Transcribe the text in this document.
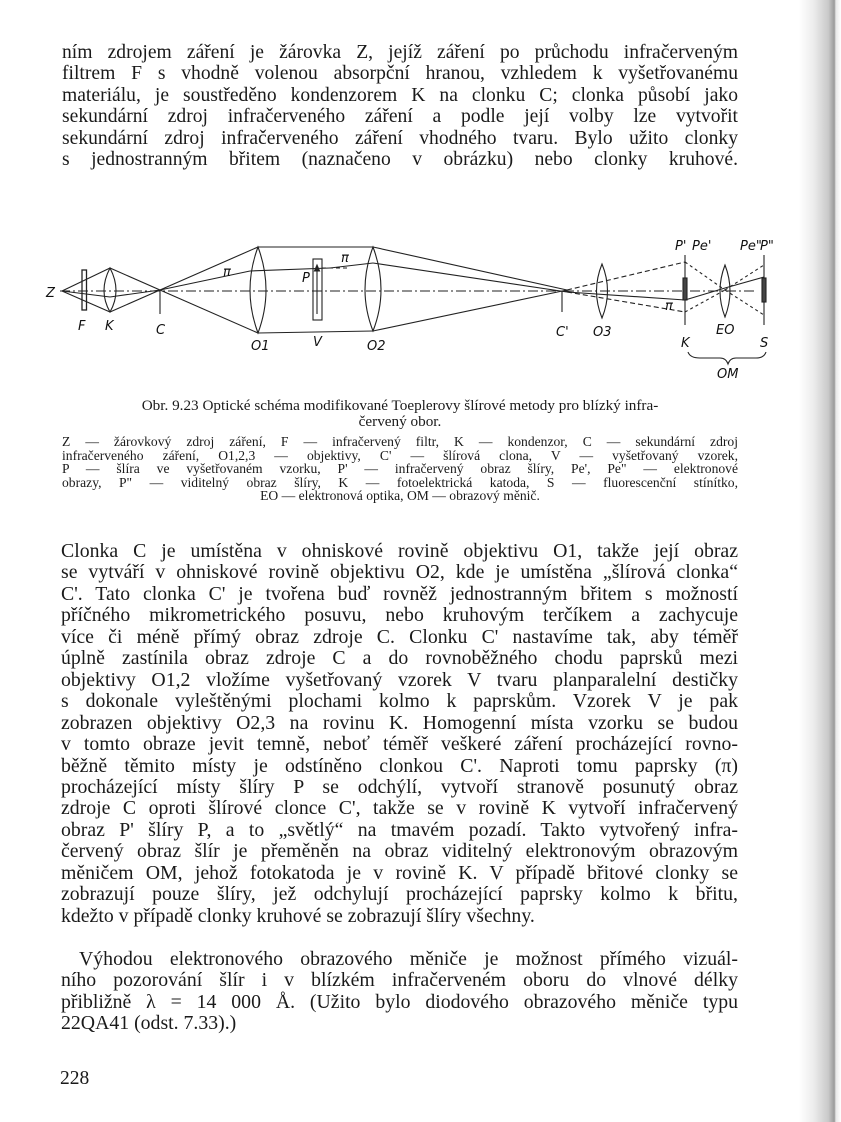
ním zdrojem záření je žárovka Z, jejíž záření po průchodu infračerveným
filtrem F s vhodně volenou absorpční hranou, vzhledem k vyšetřovanému
materiálu, je soustředěno kondenzorem K na clonku C; clonka působí jako
sekundární zdroj infračerveného záření a podle její volby lze vytvořit
sekundární zdroj infračerveného záření vhodného tvaru. Bylo užito clonky
s jednostranným břitem (naznačeno v obrázku) nebo clonky kruhové.
Z
F K	C
O1	V	O2
P
π
π
π
C' O3
P' Pe' Pe"
P"
K
EO
S
OM
Obr. 9.23 Optické schéma modifikované Toeplerovy šlírové metody pro blízký infra-
červený obor.
Z — žárovkový zdroj záření, F — infračervený filtr, K — kondenzor, C — sekundární zdroj
infračerveného záření, O1,2,3 — objektivy, C' — šlírová clona, V — vyšetřovaný vzorek,
P — šlíra ve vyšetřovaném vzorku, P' — infračervený obraz šlíry, Pe', Pe" — elektronové
obrazy, P" — viditelný obraz šlíry, K — fotoelektrická katoda, S — fluorescenční stínítko,
EO — elektronová optika, OM — obrazový měnič.
Clonka C je umístěna v ohniskové rovině objektivu O1, takže její obraz
se vytváří v ohniskové rovině objektivu O2, kde je umístěna „šlírová clonka“
C'. Tato clonka C' je tvořena buď rovněž jednostranným břitem s možností
příčného mikrometrického posuvu, nebo kruhovým terčíkem a zachycuje
více či méně přímý obraz zdroje C. Clonku C' nastavíme tak, aby téměř
úplně zastínila obraz zdroje C a do rovnoběžného chodu paprsků mezi
objektivy O1,2 vložíme vyšetřovaný vzorek V tvaru planparalelní destičky
s dokonale vyleštěnými plochami kolmo k paprskům. Vzorek V je pak
zobrazen objektivy O2,3 na rovinu K. Homogenní místa vzorku se budou
v tomto obraze jevit temně, neboť téměř veškeré záření procházející rovno-
běžně těmito místy je odstíněno clonkou C'. Naproti tomu paprsky (π)
procházející místy šlíry P se odchýlí, vytvoří stranově posunutý obraz
zdroje C oproti šlírové clonce C', takže se v rovině K vytvoří infračervený
obraz P' šlíry P, a to „světlý“ na tmavém pozadí. Takto vytvořený infra-
červený obraz šlír je přeměněn na obraz viditelný elektronovým obrazovým
měničem OM, jehož fotokatoda je v rovině K. V případě břitové clonky se
zobrazují pouze šlíry, jež odchylují procházející paprsky kolmo k břitu,
kdežto v případě clonky kruhové se zobrazují šlíry všechny.
Výhodou elektronového obrazového měniče je možnost přímého vizuál-
ního pozorování šlír i v blízkém infračerveném oboru do vlnové délky
přibližně λ = 14 000 Å. (Užito bylo diodového obrazového měniče typu
22QA41 (odst. 7.33).)
228
